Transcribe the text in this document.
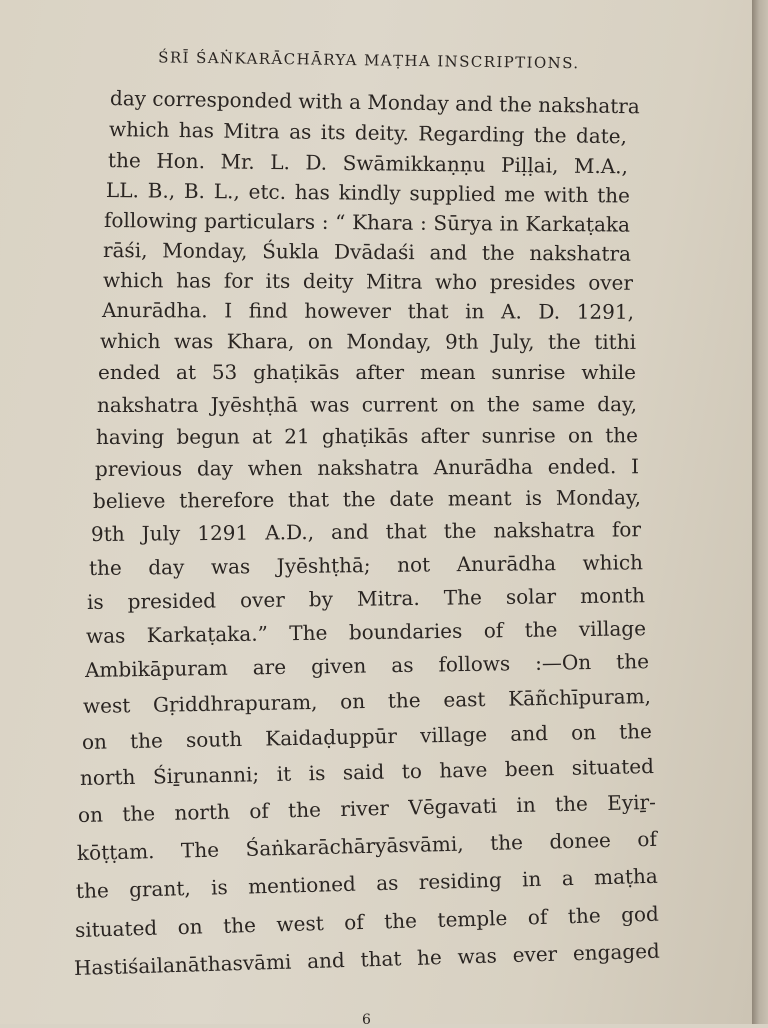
ŚRĪ ŚAṄKARĀCHĀRYA MAṬHA INSCRIPTIONS.
day corresponded with a Monday and the nakshatra
which has Mitra as its deity. Regarding the date,
the Hon. Mr. L. D. Swāmikkaṇṇu Piḷḷai, M.A.,
LL. B., B. L., etc. has kindly supplied me with the
following particulars : “ Khara : Sūrya in Karkaṭaka
rāśi, Monday, Śukla Dvādaśi and the nakshatra
which has for its deity Mitra who presides over
Anurādha. I find however that in A. D. 1291,
which was Khara, on Monday, 9th July, the tithi
ended at 53 ghaṭikās after mean sunrise while
nakshatra Jyēshṭhā was current on the same day,
having begun at 21 ghaṭikās after sunrise on the
previous day when nakshatra Anurādha ended. I
believe therefore that the date meant is Monday,
9th July 1291 A.D., and that the nakshatra for
the day was Jyēshṭhā; not Anurādha which
is presided over by Mitra. The solar month
was Karkaṭaka.” The boundaries of the village
Ambikāpuram are given as follows :—On the
west Gṛiddhrapuram, on the east Kāñchīpuram,
on the south Kaidaḍuppūr village and on the
north Śiṟunanni; it is said to have been situated
on the north of the river Vēgavati in the Eyiṟ-
kōṭṭam. The Śaṅkarāchāryāsvāmi, the donee of
the grant, is mentioned as residing in a maṭha
situated on the west of the temple of the god
Hastiśailanāthasvāmi and that he was ever engaged
6
